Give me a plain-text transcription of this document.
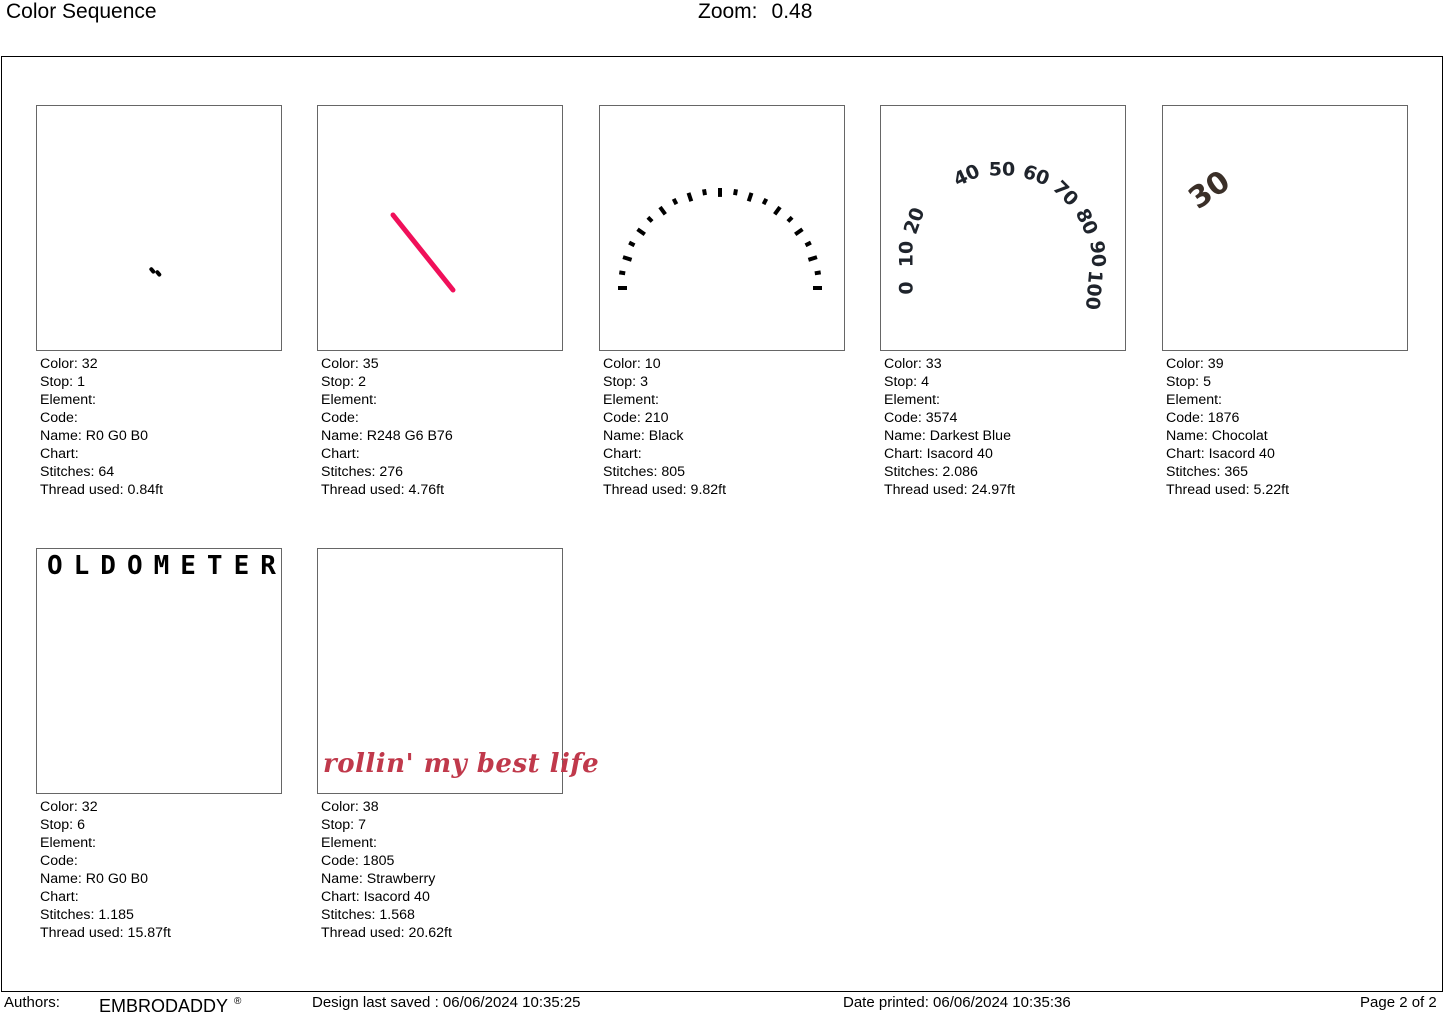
Color Sequence	Zoom: 0.48
Color: 32
Stop: 1
Element:
Code:
Name: R0 G0 B0
Chart:
Stitches: 64
Thread used: 0.84ft
Color: 35
Stop: 2
Element:
Code:
Name: R248 G6 B76
Chart:
Stitches: 276
Thread used: 4.76ft
Color: 10
Stop: 3
Element:
Code: 210
Name: Black
Chart:
Stitches: 805
Thread used: 9.82ft
0
10
20
40 50 60
70
80
90
100
Color: 33
Stop: 4
Element:
Code: 3574
Name: Darkest Blue
Chart: Isacord 40
Stitches: 2.086
Thread used: 24.97ft
30
Color: 39
Stop: 5
Element:
Code: 1876
Name: Chocolat
Chart: Isacord 40
Stitches: 365
Thread used: 5.22ft
OLDOMETER
Color: 32
Stop: 6
Element:
Code:
Name: R0 G0 B0
Chart:
Stitches: 1.185
Thread used: 15.87ft
rollin' my best life
Color: 38
Stop: 7
Element:
Code: 1805
Name: Strawberry
Chart: Isacord 40
Stitches: 1.568
Thread used: 20.62ft
Authors: EMBRODADDY ®	Design last saved : 06/06/2024 10:35:25	Date printed: 06/06/2024 10:35:36	Page 2 of 2
